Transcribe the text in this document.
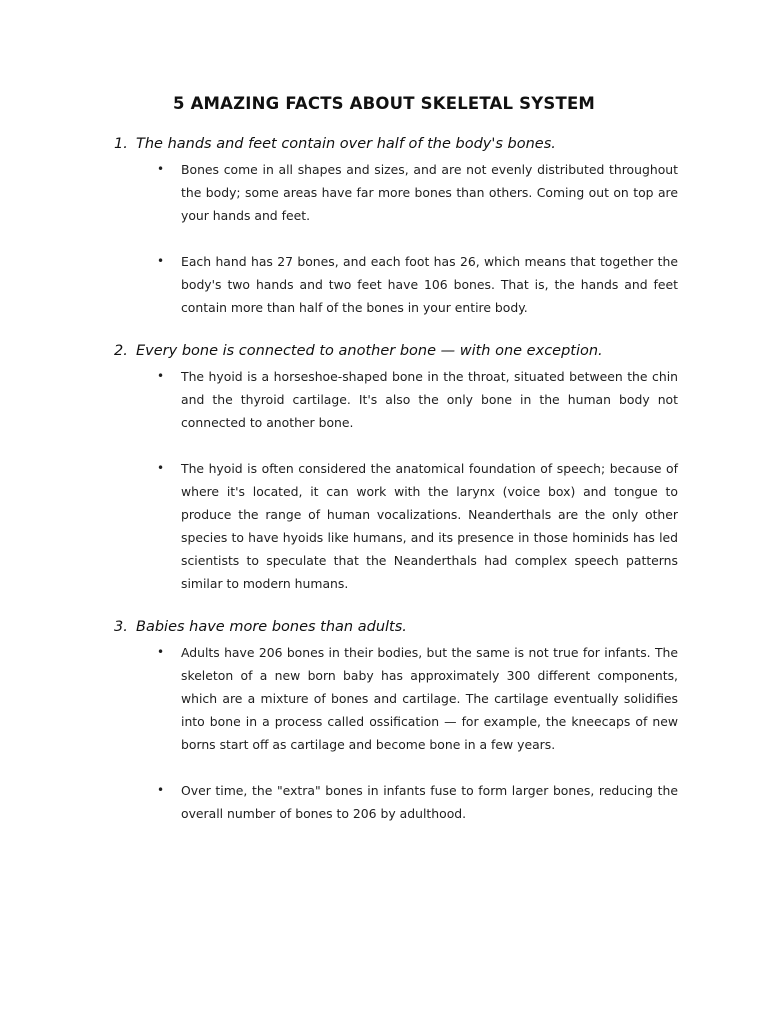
5 AMAZING FACTS ABOUT SKELETAL SYSTEM
1. The hands and feet contain over half of the body's bones.
• Bones come in all shapes and sizes, and are not evenly distributed throughout the body; some areas have far more bones than others. Coming out on top are your hands and feet.
• Each hand has 27 bones, and each foot has 26, which means that together the body's two hands and two feet have 106 bones. That is, the hands and feet contain more than half of the bones in your entire body.
2. Every bone is connected to another bone — with one exception.
• The hyoid is a horseshoe-shaped bone in the throat, situated between the chin and the thyroid cartilage. It's also the only bone in the human body not connected to another bone.
• The hyoid is often considered the anatomical foundation of speech; because of where it's located, it can work with the larynx (voice box) and tongue to produce the range of human vocalizations. Neanderthals are the only other species to have hyoids like humans, and its presence in those hominids has led scientists to speculate that the Neanderthals had complex speech patterns similar to modern humans.
3. Babies have more bones than adults.
• Adults have 206 bones in their bodies, but the same is not true for infants. The skeleton of a new born baby has approximately 300 different components, which are a mixture of bones and cartilage. The cartilage eventually solidifies into bone in a process called ossification — for example, the kneecaps of new borns start off as cartilage and become bone in a few years.
• Over time, the "extra" bones in infants fuse to form larger bones, reducing the overall number of bones to 206 by adulthood.
